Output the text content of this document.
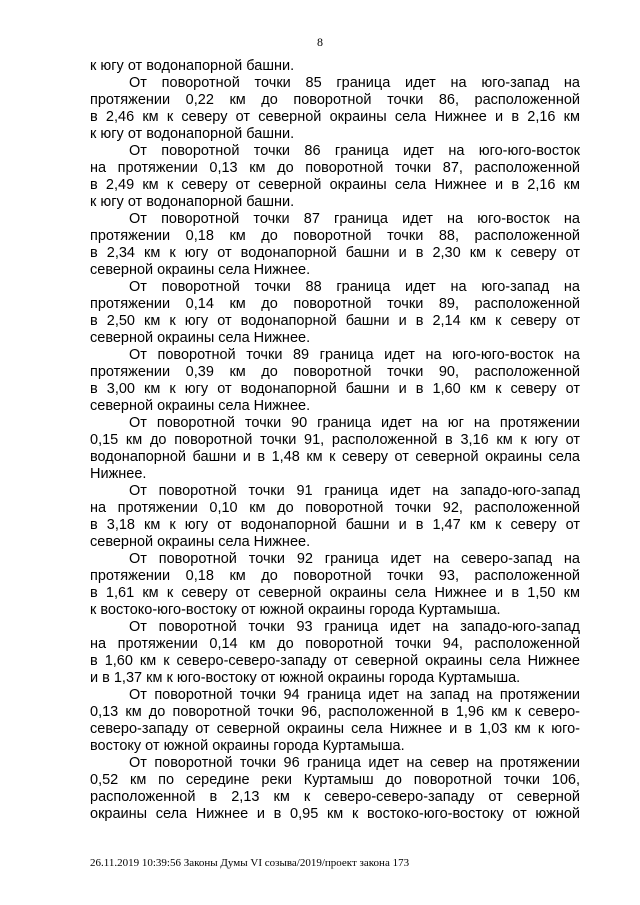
8
к югу от водонапорной башни.
От поворотной точки 85 граница идет на юго-запад на
протяжении 0,22 км до поворотной точки 86, расположенной
в 2,46 км к северу от северной окраины села Нижнее и в 2,16 км
к югу от водонапорной башни.
От поворотной точки 86 граница идет на юго-юго-восток
на протяжении 0,13 км до поворотной точки 87, расположенной
в 2,49 км к северу от северной окраины села Нижнее и в 2,16 км
к югу от водонапорной башни.
От поворотной точки 87 граница идет на юго-восток на
протяжении 0,18 км до поворотной точки 88, расположенной
в 2,34 км к югу от водонапорной башни и в 2,30 км к северу от
северной окраины села Нижнее.
От поворотной точки 88 граница идет на юго-запад на
протяжении 0,14 км до поворотной точки 89, расположенной
в 2,50 км к югу от водонапорной башни и в 2,14 км к северу от
северной окраины села Нижнее.
От поворотной точки 89 граница идет на юго-юго-восток на
протяжении 0,39 км до поворотной точки 90, расположенной
в 3,00 км к югу от водонапорной башни и в 1,60 км к северу от
северной окраины села Нижнее.
От поворотной точки 90 граница идет на юг на протяжении
0,15 км до поворотной точки 91, расположенной в 3,16 км к югу от
водонапорной башни и в 1,48 км к северу от северной окраины села
Нижнее.
От поворотной точки 91 граница идет на западо-юго-запад
на протяжении 0,10 км до поворотной точки 92, расположенной
в 3,18 км к югу от водонапорной башни и в 1,47 км к северу от
северной окраины села Нижнее.
От поворотной точки 92 граница идет на северо-запад на
протяжении 0,18 км до поворотной точки 93, расположенной
в 1,61 км к северу от северной окраины села Нижнее и в 1,50 км
к востоко-юго-востоку от южной окраины города Куртамыша.
От поворотной точки 93 граница идет на западо-юго-запад
на протяжении 0,14 км до поворотной точки 94, расположенной
в 1,60 км к северо-северо-западу от северной окраины села Нижнее
и в 1,37 км к юго-востоку от южной окраины города Куртамыша.
От поворотной точки 94 граница идет на запад на протяжении
0,13 км до поворотной точки 96, расположенной в 1,96 км к северо-
северо-западу от северной окраины села Нижнее и в 1,03 км к юго-
востоку от южной окраины города Куртамыша.
От поворотной точки 96 граница идет на север на протяжении
0,52 км по середине реки Куртамыш до поворотной точки 106,
расположенной в 2,13 км к северо-северо-западу от северной
окраины села Нижнее и в 0,95 км к востоко-юго-востоку от южной
26.11.2019 10:39:56 Законы Думы VI созыва/2019/проект закона 173
